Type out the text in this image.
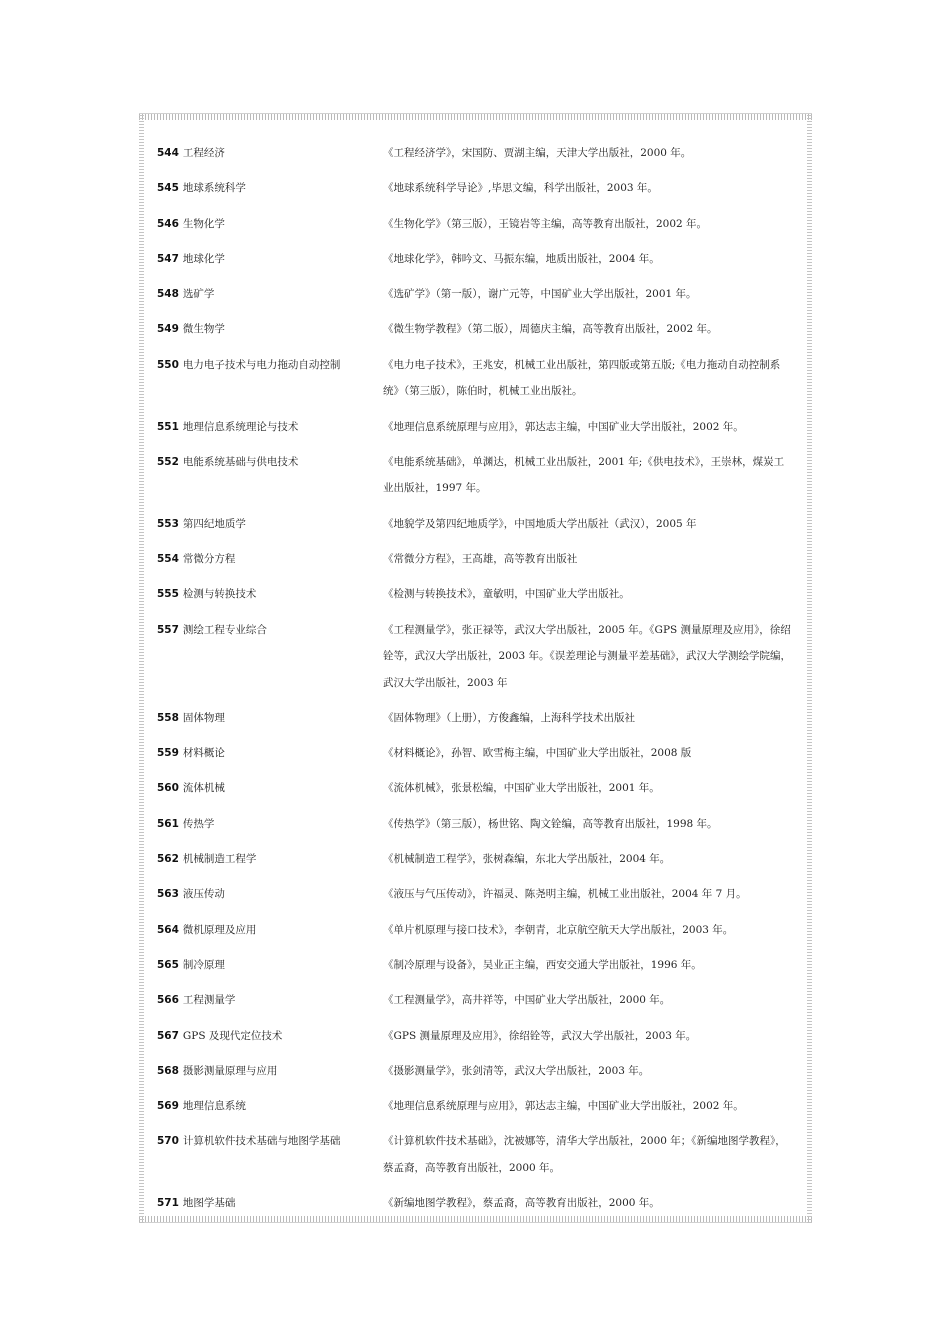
544 工程经济	《工程经济学》，宋国防、贾湖主编，天津大学出版社，2000 年。
545 地球系统科学	《地球系统科学导论》,毕思文编，科学出版社，2003 年。
546 生物化学	《生物化学》（第三版），王镜岩等主编，高等教育出版社，2002 年。
547 地球化学	《地球化学》，韩吟文、马振东编，地质出版社，2004 年。
548 选矿学	《选矿学》（第一版），谢广元等，中国矿业大学出版社，2001 年。
549 微生物学	《微生物学教程》（第二版），周德庆主编，高等教育出版社，2002 年。
550 电力电子技术与电力拖动自动控制	《电力电子技术》，王兆安，机械工业出版社，第四版或第五版;《电力拖动自动控制系统》（第三版），陈伯时，机械工业出版社。
551 地理信息系统理论与技术	《地理信息系统原理与应用》，郭达志主编，中国矿业大学出版社，2002 年。
552 电能系统基础与供电技术	《电能系统基础》，单渊达，机械工业出版社，2001 年;《供电技术》，王崇林，煤炭工业出版社，1997 年。
553 第四纪地质学	《地貌学及第四纪地质学》，中国地质大学出版社（武汉），2005 年
554 常微分方程	《常微分方程》，王高雄，高等教育出版社
555 检测与转换技术	《检测与转换技术》，童敏明，中国矿业大学出版社。
557 测绘工程专业综合	《工程测量学》，张正禄等，武汉大学出版社，2005 年。《GPS 测量原理及应用》，徐绍铨等，武汉大学出版社，2003 年。《误差理论与测量平差基础》，武汉大学测绘学院编，武汉大学出版社，2003 年
558 固体物理	《固体物理》（上册），方俊鑫编，上海科学技术出版社
559 材料概论	《材料概论》，孙智、欧雪梅主编，中国矿业大学出版社，2008 版
560 流体机械	《流体机械》，张景松编，中国矿业大学出版社，2001 年。
561 传热学	《传热学》（第三版），杨世铭、陶文铨编，高等教育出版社，1998 年。
562 机械制造工程学	《机械制造工程学》，张树森编，东北大学出版社，2004 年。
563 液压传动	《液压与气压传动》，许福灵、陈尧明主编，机械工业出版社，2004 年 7 月。
564 微机原理及应用	《单片机原理与接口技术》，李朝青，北京航空航天大学出版社，2003 年。
565 制冷原理	《制冷原理与设备》，吴业正主编，西安交通大学出版社，1996 年。
566 工程测量学	《工程测量学》，高井祥等，中国矿业大学出版社，2000 年。
567 GPS 及现代定位技术	《GPS 测量原理及应用》，徐绍铨等，武汉大学出版社，2003 年。
568 摄影测量原理与应用	《摄影测量学》，张剑清等，武汉大学出版社，2003 年。
569 地理信息系统	《地理信息系统原理与应用》，郭达志主编，中国矿业大学出版社，2002 年。
570 计算机软件技术基础与地图学基础	《计算机软件技术基础》，沈被娜等，清华大学出版社，2000 年；《新编地图学教程》，蔡孟裔，高等教育出版社，2000 年。
571 地图学基础	《新编地图学教程》，蔡孟裔，高等教育出版社，2000 年。
